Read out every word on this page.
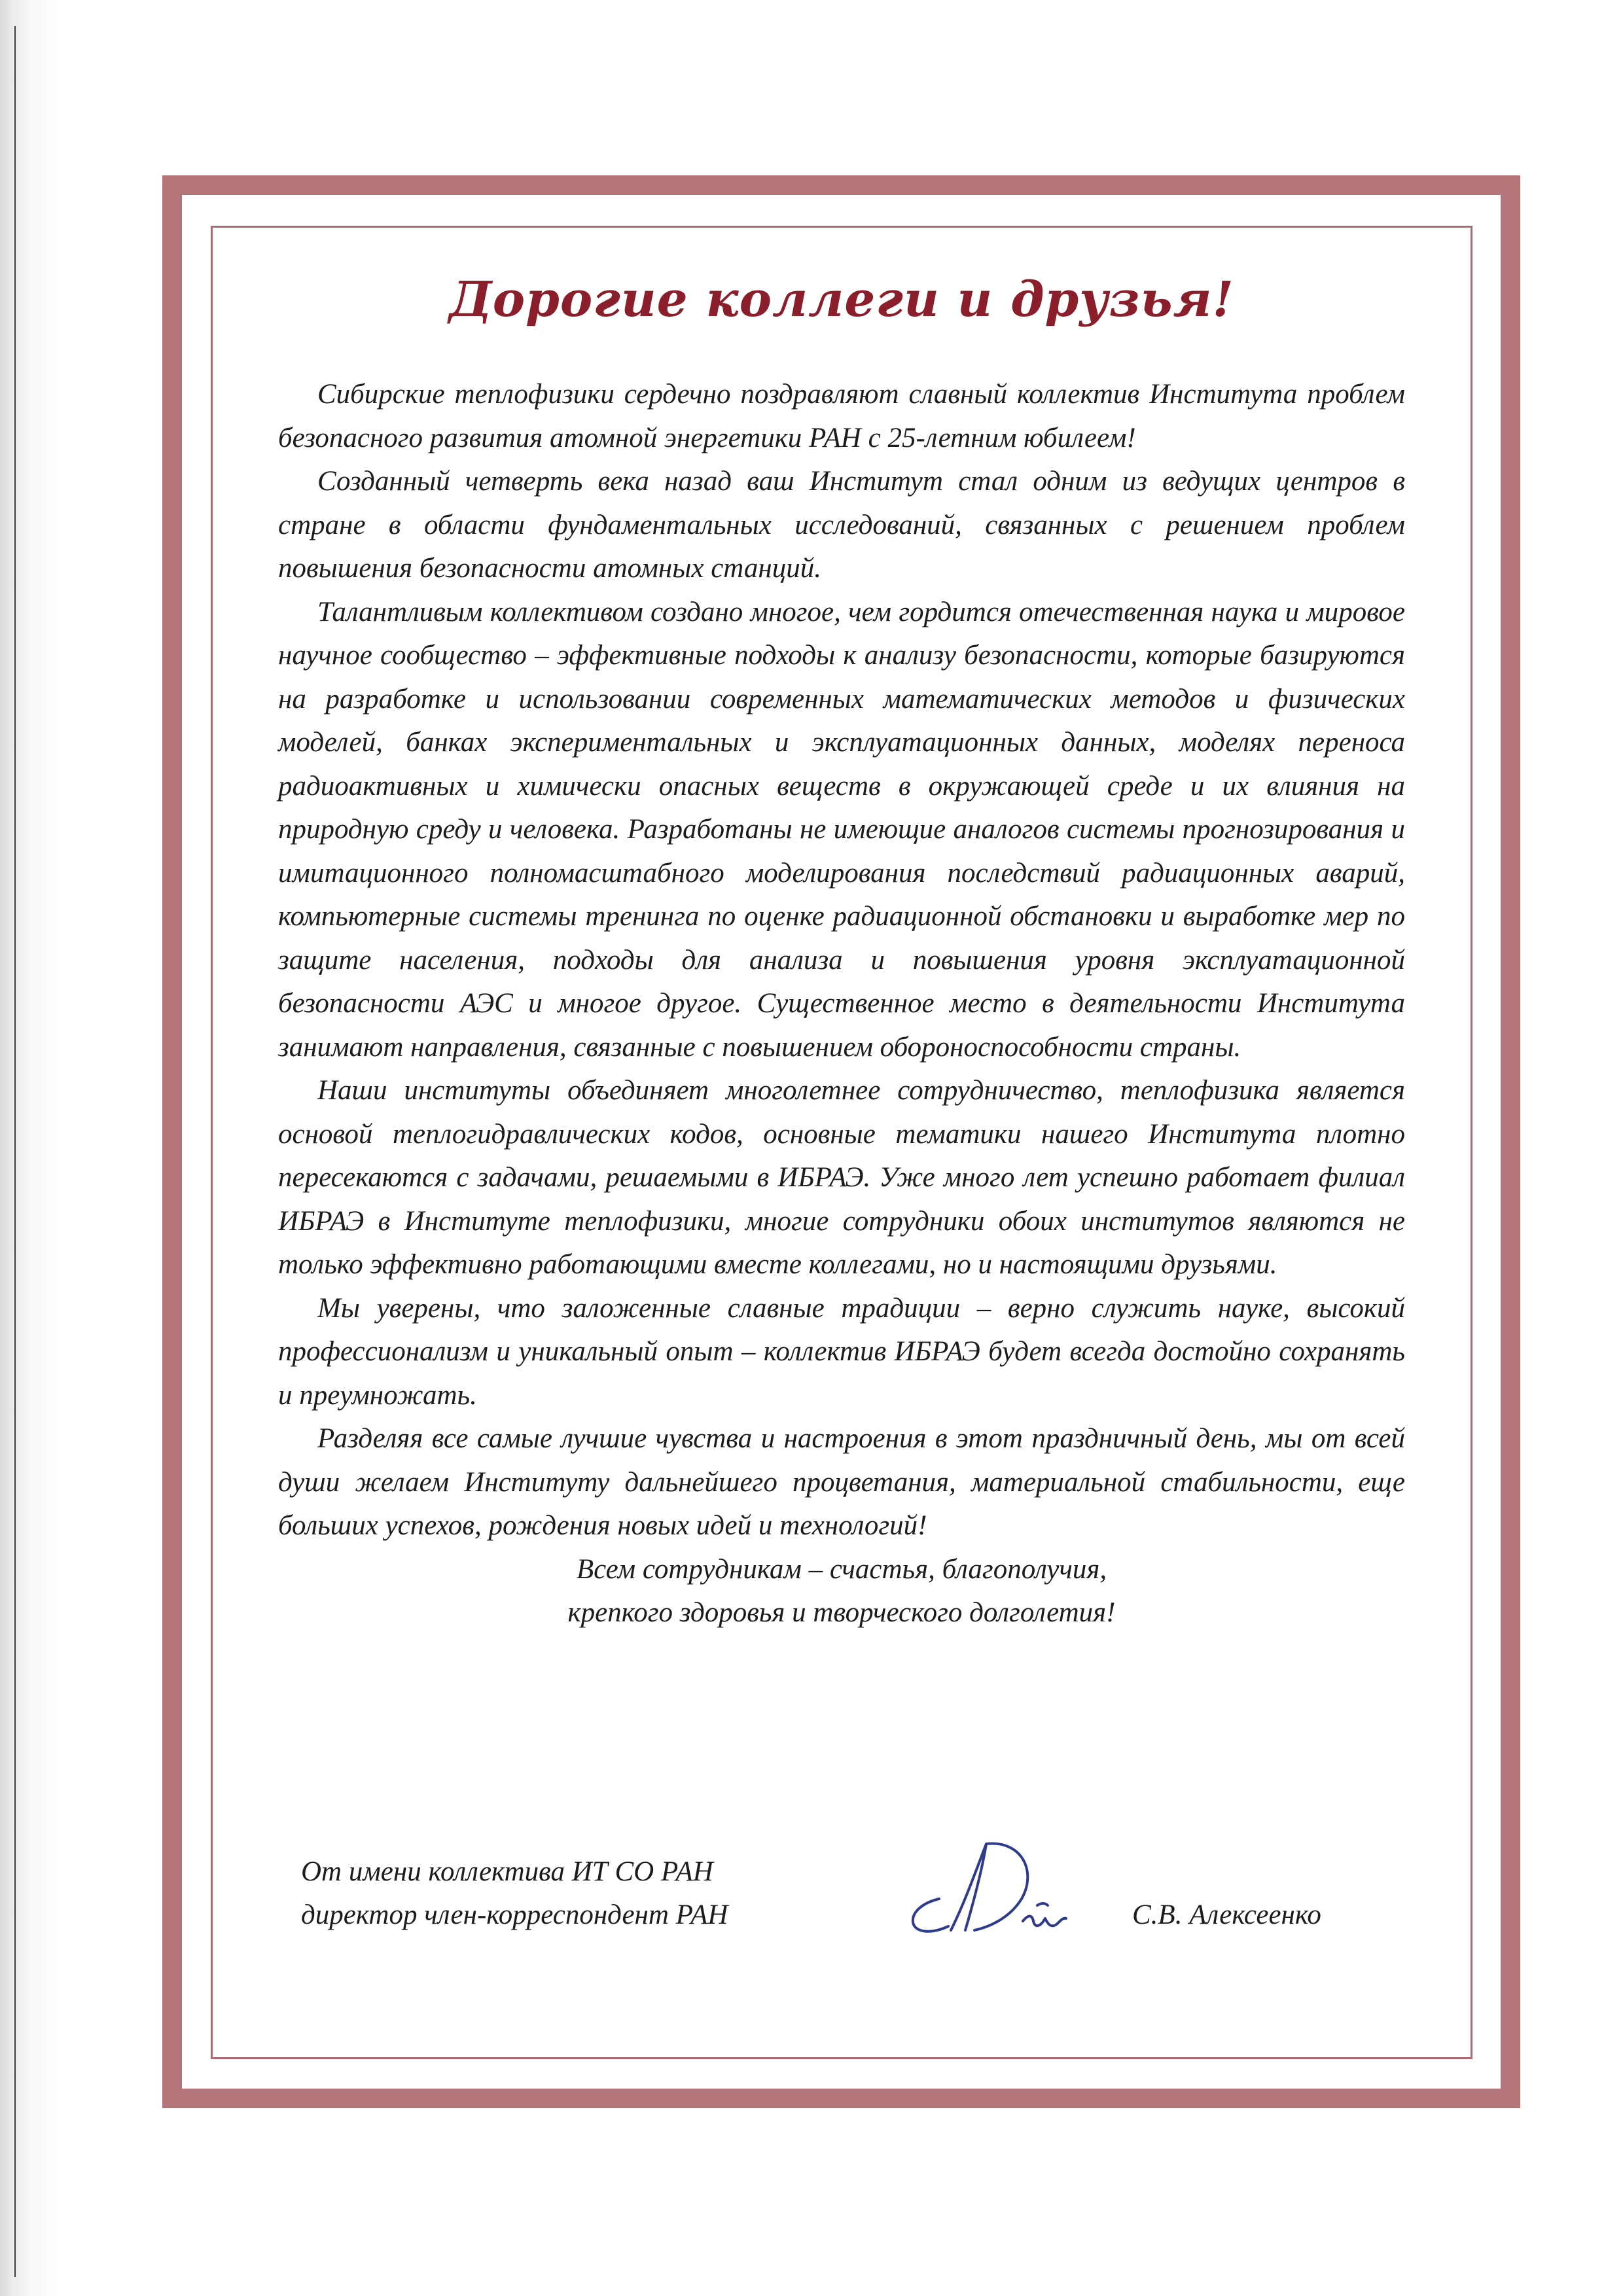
Дорогие коллеги и друзья!

Сибирские теплофизики сердечно поздравляют славный коллектив Института проблем безопасного развития атомной энергетики РАН с 25-летним юбилеем!

Созданный четверть века назад ваш Институт стал одним из ведущих центров в стране в области фундаментальных исследований, связанных с решением проблем повышения безопасности атомных станций.

Талантливым коллективом создано многое, чем гордится отечественная наука и мировое научное сообщество – эффективные подходы к анализу безопасности, которые базируются на разработке и использовании современных математических методов и физических моделей, банках экспериментальных и эксплуатационных данных, моделях переноса радиоактивных и химически опасных веществ в окружающей среде и их влияния на природную среду и человека. Разработаны не имеющие аналогов системы прогнозирования и имитационного полномасштабного моделирования последствий радиационных аварий, компьютерные системы тренинга по оценке радиационной обстановки и выработке мер по защите населения, подходы для анализа и повышения уровня эксплуатационной безопасности АЭС и многое другое. Существенное место в деятельности Института занимают направления, связанные с повышением обороноспособности страны.

Наши институты объединяет многолетнее сотрудничество, теплофизика является основой теплогидравлических кодов, основные тематики нашего Института плотно пересекаются с задачами, решаемыми в ИБРАЭ. Уже много лет успешно работает филиал ИБРАЭ в Институте теплофизики, многие сотрудники обоих институтов являются не только эффективно работающими вместе коллегами, но и настоящими друзьями.

Мы уверены, что заложенные славные традиции – верно служить науке, высокий профессионализм и уникальный опыт – коллектив ИБРАЭ будет всегда достойно сохранять и преумножать.

Разделяя все самые лучшие чувства и настроения в этот праздничный день, мы от всей души желаем Институту дальнейшего процветания, материальной стабильности, еще больших успехов, рождения новых идей и технологий!

Всем сотрудникам – счастья, благополучия,

крепкого здоровья и творческого долголетия!

От имени коллектива ИТ СО РАН
директор член-корреспондент РАН	С.В. Алексеенко
